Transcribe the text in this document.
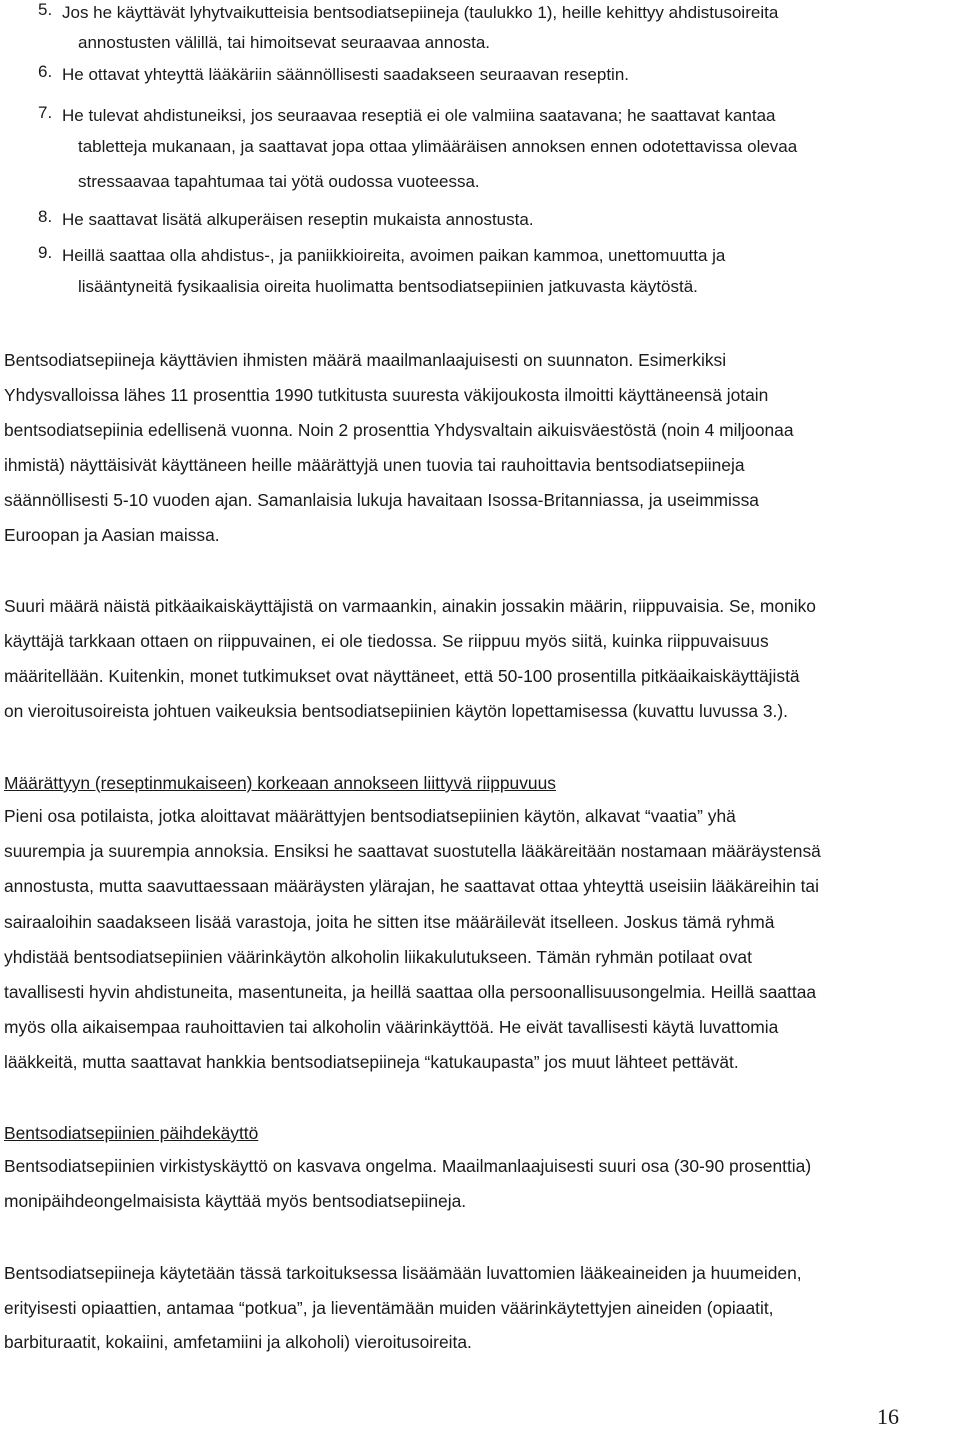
5. Jos he käyttävät lyhytvaikutteisia bentsodiatsepiineja (taulukko 1), heille kehittyy ahdistusoireita
annostusten välillä, tai himoitsevat seuraavaa annosta.
6. He ottavat yhteyttä lääkäriin säännöllisesti saadakseen seuraavan reseptin.
7. He tulevat ahdistuneiksi, jos seuraavaa reseptiä ei ole valmiina saatavana; he saattavat kantaa
tabletteja mukanaan, ja saattavat jopa ottaa ylimääräisen annoksen ennen odotettavissa olevaa
stressaavaa tapahtumaa tai yötä oudossa vuoteessa.
8. He saattavat lisätä alkuperäisen reseptin mukaista annostusta.
9. Heillä saattaa olla ahdistus-, ja paniikkioireita, avoimen paikan kammoa, unettomuutta ja
lisääntyneitä fysikaalisia oireita huolimatta bentsodiatsepiinien jatkuvasta käytöstä.
Bentsodiatsepiineja käyttävien ihmisten määrä maailmanlaajuisesti on suunnaton. Esimerkiksi
Yhdysvalloissa lähes 11 prosenttia 1990 tutkitusta suuresta väkijoukosta ilmoitti käyttäneensä jotain
bentsodiatsepiinia edellisenä vuonna. Noin 2 prosenttia Yhdysvaltain aikuisväestöstä (noin 4 miljoonaa
ihmistä) näyttäisivät käyttäneen heille määrättyjä unen tuovia tai rauhoittavia bentsodiatsepiineja
säännöllisesti 5-10 vuoden ajan. Samanlaisia lukuja havaitaan Isossa-Britanniassa, ja useimmissa
Euroopan ja Aasian maissa.
Suuri määrä näistä pitkäaikaiskäyttäjistä on varmaankin, ainakin jossakin määrin, riippuvaisia. Se, moniko
käyttäjä tarkkaan ottaen on riippuvainen, ei ole tiedossa. Se riippuu myös siitä, kuinka riippuvaisuus
määritellään. Kuitenkin, monet tutkimukset ovat näyttäneet, että 50-100 prosentilla pitkäaikaiskäyttäjistä
on vieroitusoireista johtuen vaikeuksia bentsodiatsepiinien käytön lopettamisessa (kuvattu luvussa 3.).
Määrättyyn (reseptinmukaiseen) korkeaan annokseen liittyvä riippuvuus
Pieni osa potilaista, jotka aloittavat määrättyjen bentsodiatsepiinien käytön, alkavat “vaatia” yhä
suurempia ja suurempia annoksia. Ensiksi he saattavat suostutella lääkäreitään nostamaan määräystensä
annostusta, mutta saavuttaessaan määräysten ylärajan, he saattavat ottaa yhteyttä useisiin lääkäreihin tai
sairaaloihin saadakseen lisää varastoja, joita he sitten itse määräilevät itselleen. Joskus tämä ryhmä
yhdistää bentsodiatsepiinien väärinkäytön alkoholin liikakulutukseen. Tämän ryhmän potilaat ovat
tavallisesti hyvin ahdistuneita, masentuneita, ja heillä saattaa olla persoonallisuusongelmia. Heillä saattaa
myös olla aikaisempaa rauhoittavien tai alkoholin väärinkäyttöä. He eivät tavallisesti käytä luvattomia
lääkkeitä, mutta saattavat hankkia bentsodiatsepiineja “katukaupasta” jos muut lähteet pettävät.
Bentsodiatsepiinien päihdekäyttö
Bentsodiatsepiinien virkistyskäyttö on kasvava ongelma. Maailmanlaajuisesti suuri osa (30-90 prosenttia)
monipäihdeongelmaisista käyttää myös bentsodiatsepiineja.
Bentsodiatsepiineja käytetään tässä tarkoituksessa lisäämään luvattomien lääkeaineiden ja huumeiden,
erityisesti opiaattien, antamaa “potkua”, ja lieventämään muiden väärinkäytettyjen aineiden (opiaatit,
barbituraatit, kokaiini, amfetamiini ja alkoholi) vieroitusoireita.
16
